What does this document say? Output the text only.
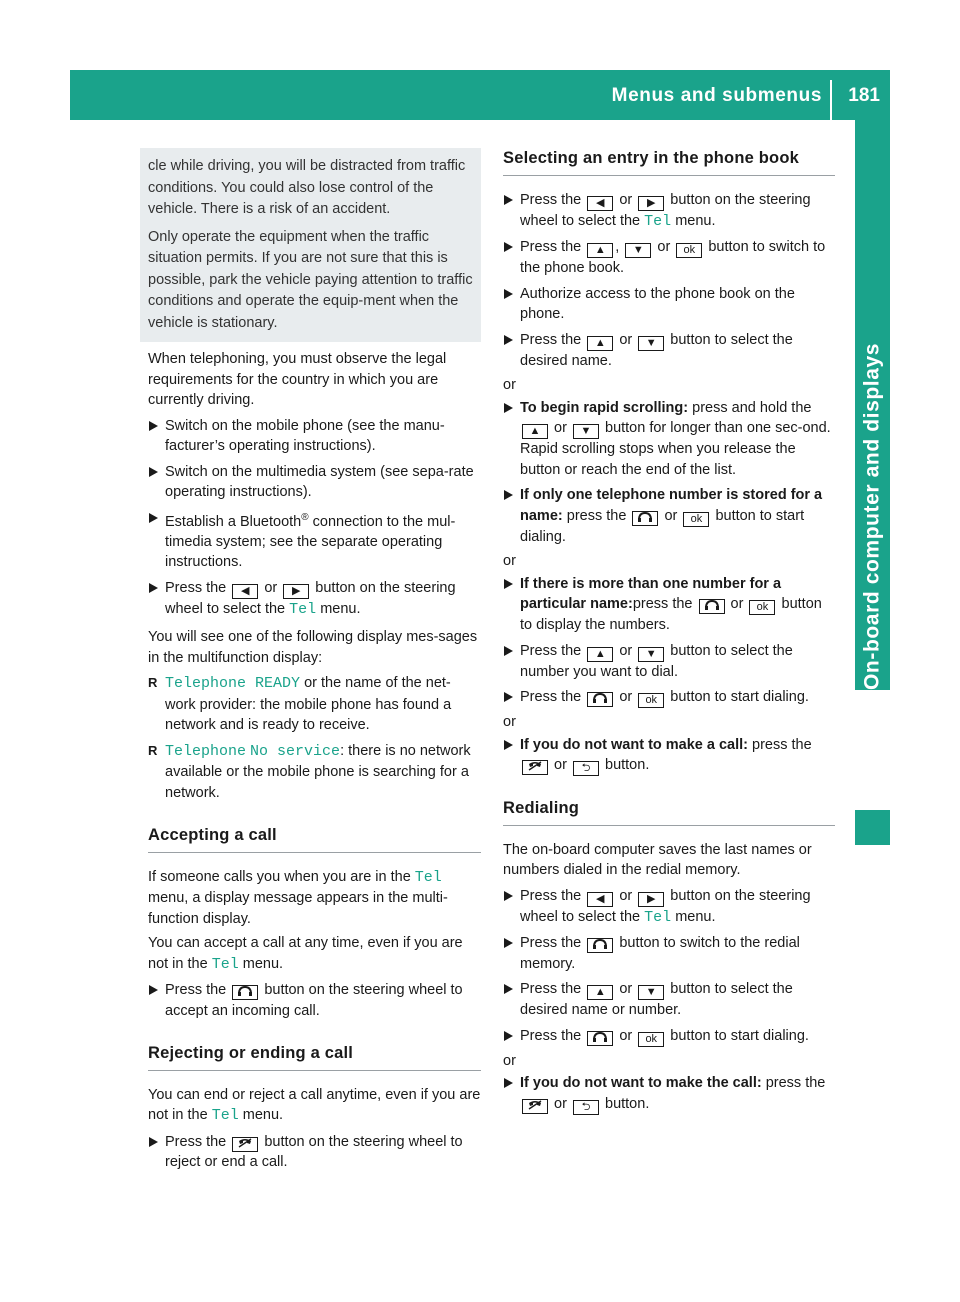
Menus and submenus 181
On-board computer and displays

cle while driving, you will be distracted from traffic conditions. You could also lose control of the vehicle. There is a risk of an accident.

Only operate the equipment when the traffic situation permits. If you are not sure that this is possible, park the vehicle paying attention to traffic conditions and operate the equip-ment when the vehicle is stationary.

When telephoning, you must observe the legal requirements for the country in which you are currently driving.

Switch on the mobile phone (see the manu-facturer’s operating instructions).
Switch on the multimedia system (see sepa-rate operating instructions).
Establish a Bluetooth® connection to the mul-timedia system; see the separate operating instructions.
Press the ◀ or ▶ button on the steering wheel to select the Tel menu.

You will see one of the following display mes-sages in the multifunction display:

R Telephone READY or the name of the net-work provider: the mobile phone has found a network and is ready to receive.
R Telephone No service: there is no network available or the mobile phone is searching for a network.
Accepting a call

If someone calls you when you are in the Tel menu, a display message appears in the multi-function display.

You can accept a call at any time, even if you are not in the Tel menu.

Press the	button on the steering wheel to accept an incoming call.
Rejecting or ending a call

You can end or reject a call anytime, even if you are not in the Tel menu.

Press the	button on the steering wheel to reject or end a call.
Selecting an entry in the phone book
Press the ◀ or ▶ button on the steering wheel to select the Tel menu.
Press the ▲ , ▼ or ok button to switch to the phone book.
Authorize access to the phone book on the phone.
Press the ▲ or ▼ button to select the desired name.

or

To begin rapid scrolling: press and hold the ▲ or ▼ button for longer than one sec-ond.
Rapid scrolling stops when you release the button or reach the end of the list.
If only one telephone number is stored for a name: press the	or ok button to start dialing.

or

If there is more than one number for a particular name:press the	or ok button to display the numbers.
Press the ▲ or ▼ button to select the number you want to dial.
Press the	or ok button to start dialing.

or

If you do not want to make a call: press the
or ⮌ button.
Redialing

The on-board computer saves the last names or numbers dialed in the redial memory.

Press the ◀ or ▶ button on the steering wheel to select the Tel menu.
Press the	button to switch to the redial memory.
Press the ▲ or ▼ button to select the desired name or number.
Press the	or ok button to start dialing.

or

If you do not want to make the call: press the  or ⮌ button.
